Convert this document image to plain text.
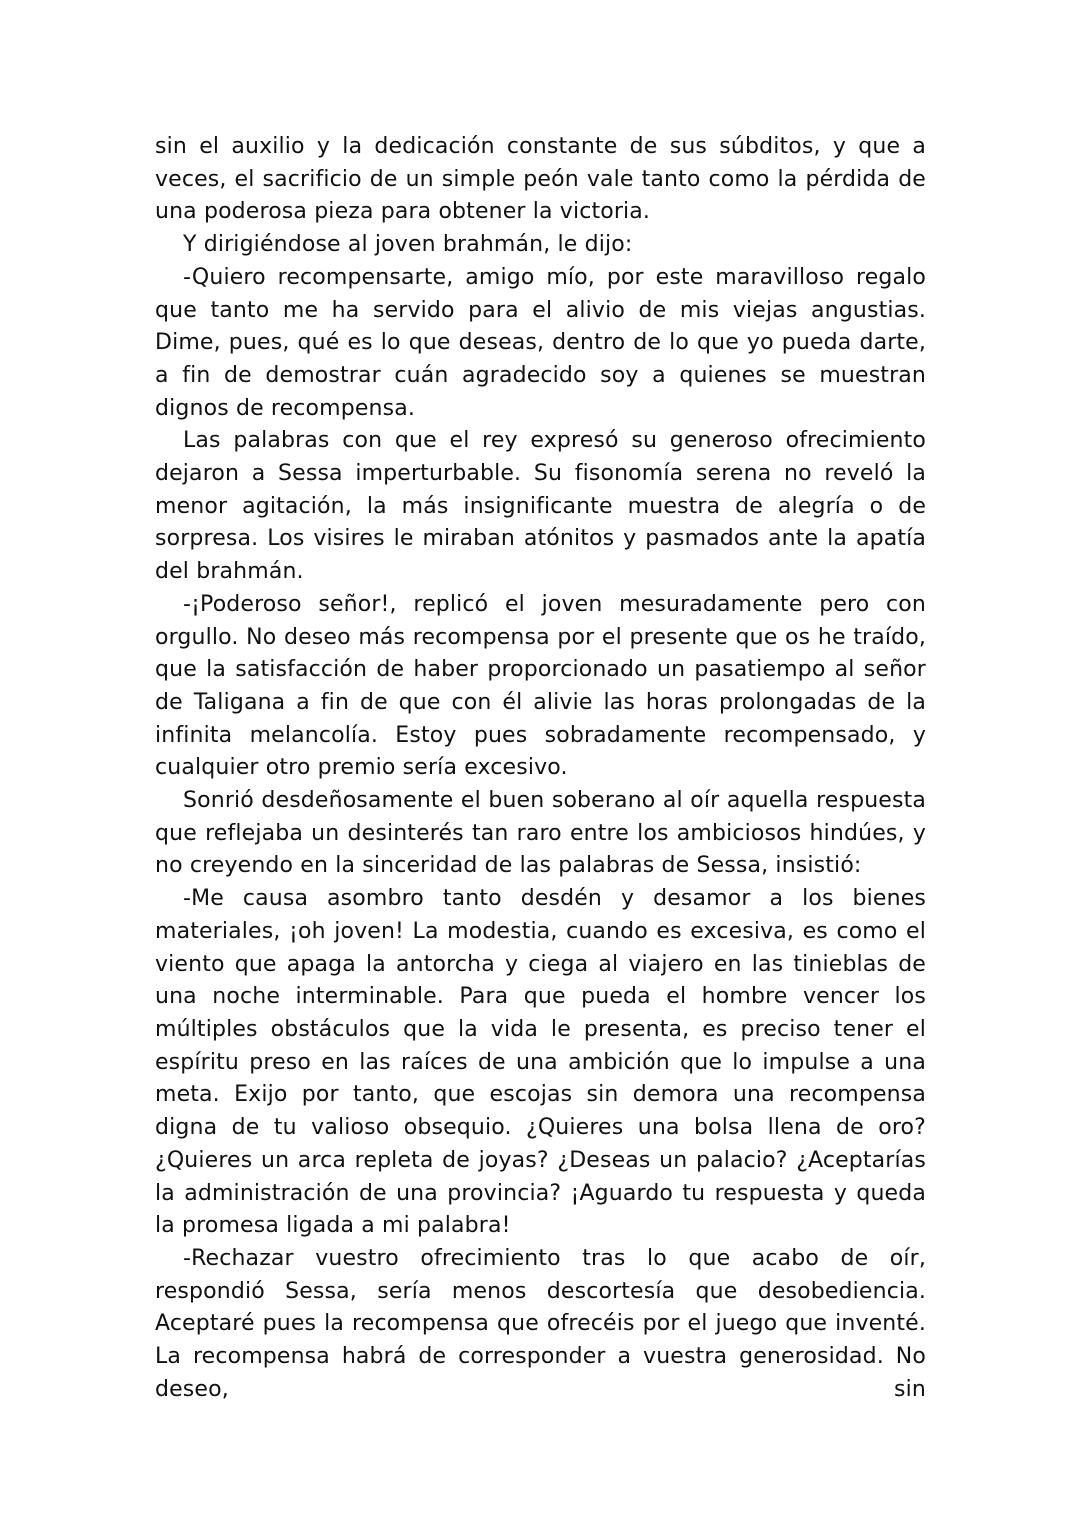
sin el auxilio y la dedicación constante de sus súbditos, y que a veces, el sacrificio de un simple peón vale tanto como la pérdida de una poderosa pieza para obtener la victoria.

Y dirigiéndose al joven brahmán, le dijo:

-Quiero recompensarte, amigo mío, por este maravilloso regalo que tanto me ha servido para el alivio de mis viejas angustias. Dime, pues, qué es lo que deseas, dentro de lo que yo pueda darte, a fin de demostrar cuán agradecido soy a quienes se muestran dignos de recompensa.

Las palabras con que el rey expresó su generoso ofrecimiento dejaron a Sessa imperturbable. Su fisonomía serena no reveló la menor agitación, la más insignificante muestra de alegría o de sorpresa. Los visires le miraban atónitos y pasmados ante la apatía del brahmán.

-¡Poderoso señor!, replicó el joven mesuradamente pero con orgullo. No deseo más recompensa por el presente que os he traído, que la satisfacción de haber proporcionado un pasatiempo al señor de Taligana a fin de que con él alivie las horas prolongadas de la infinita melancolía. Estoy pues sobradamente recompensado, y cualquier otro premio sería excesivo.

Sonrió desdeñosamente el buen soberano al oír aquella respuesta que reflejaba un desinterés tan raro entre los ambiciosos hindúes, y no creyendo en la sinceridad de las palabras de Sessa, insistió:

-Me causa asombro tanto desdén y desamor a los bienes materiales, ¡oh joven! La modestia, cuando es excesiva, es como el viento que apaga la antorcha y ciega al viajero en las tinieblas de una noche interminable. Para que pueda el hombre vencer los múltiples obstáculos que la vida le presenta, es preciso tener el espíritu preso en las raíces de una ambición que lo impulse a una meta. Exijo por tanto, que escojas sin demora una recompensa digna de tu valioso obsequio. ¿Quieres una bolsa llena de oro? ¿Quieres un arca repleta de joyas? ¿Deseas un palacio? ¿Aceptarías la administración de una provincia? ¡Aguardo tu respuesta y queda la promesa ligada a mi palabra!

-Rechazar vuestro ofrecimiento tras lo que acabo de oír, respondió Sessa, sería menos descortesía que desobediencia. Aceptaré pues la recompensa que ofrecéis por el juego que inventé. La recompensa habrá de corresponder a vuestra generosidad. No deseo, sin
